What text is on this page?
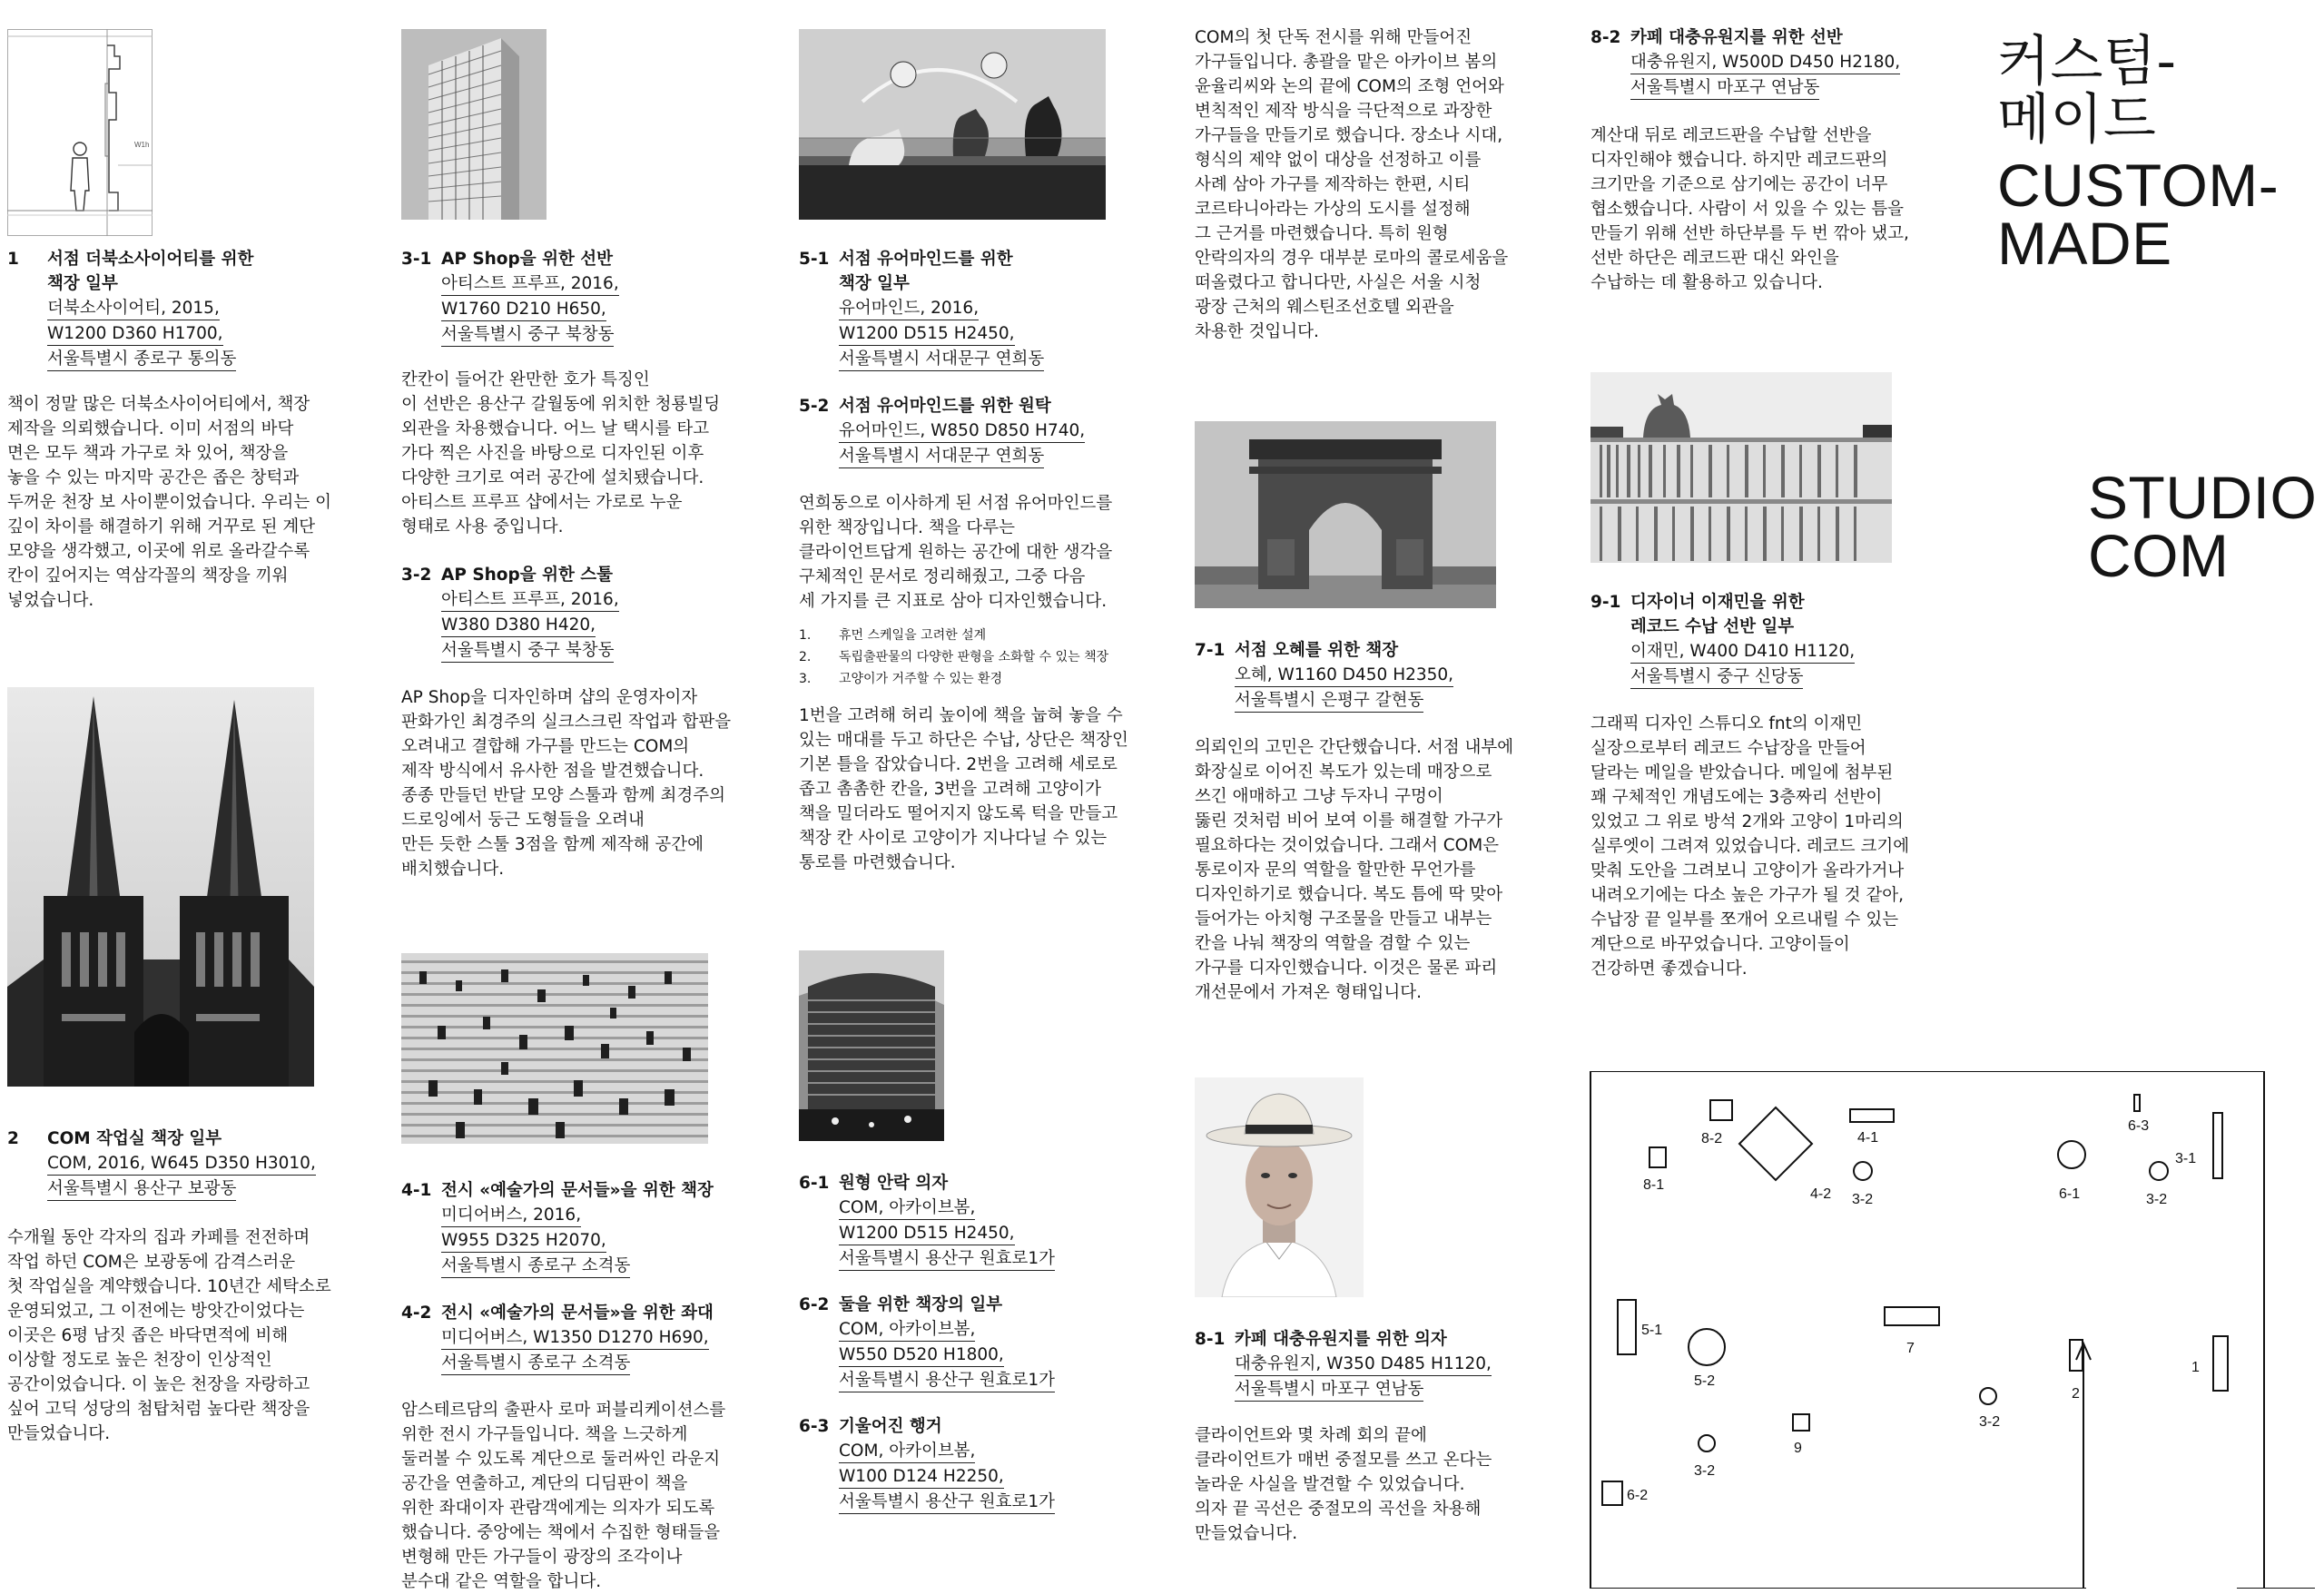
W1h
1	서점 더북소사이어티를 위한
책장 일부
더북소사이어티, 2015,
W1200 D360 H1700,
서울특별시 종로구 통의동
책이 정말 많은 더북소사이어티에서, 책장
제작을 의뢰했습니다. 이미 서점의 바닥
면은 모두 책과 가구로 차 있어, 책장을
놓을 수 있는 마지막 공간은 좁은 창턱과
두꺼운 천장 보 사이뿐이었습니다. 우리는 이
깊이 차이를 해결하기 위해 거꾸로 된 계단
모양을 생각했고, 이곳에 위로 올라갈수록
칸이 깊어지는 역삼각꼴의 책장을 끼워
넣었습니다.
2	COM 작업실 책장 일부
COM, 2016, W645 D350 H3010,
서울특별시 용산구 보광동
수개월 동안 각자의 집과 카페를 전전하며
작업 하던 COM은 보광동에 감격스러운
첫 작업실을 계약했습니다. 10년간 세탁소로
운영되었고, 그 이전에는 방앗간이었다는
이곳은 6평 남짓 좁은 바닥면적에 비해
이상할 정도로 높은 천장이 인상적인
공간이었습니다. 이 높은 천장을 자랑하고
싶어 고딕 성당의 첨탑처럼 높다란 책장을
만들었습니다.
3-1 AP Shop을 위한 선반
아티스트 프루프, 2016,
W1760 D210 H650,
서울특별시 중구 북창동
칸칸이 들어간 완만한 호가 특징인
이 선반은 용산구 갈월동에 위치한 청룡빌딩
외관을 차용했습니다. 어느 날 택시를 타고
가다 찍은 사진을 바탕으로 디자인된 이후
다양한 크기로 여러 공간에 설치됐습니다.
아티스트 프루프 샵에서는 가로로 누운
형태로 사용 중입니다.
3-2 AP Shop을 위한 스툴
아티스트 프루프, 2016,
W380 D380 H420,
서울특별시 중구 북창동
AP Shop을 디자인하며 샵의 운영자이자
판화가인 최경주의 실크스크린 작업과 합판을
오려내고 결합해 가구를 만드는 COM의
제작 방식에서 유사한 점을 발견했습니다.
종종 만들던 반달 모양 스툴과 함께 최경주의
드로잉에서 둥근 도형들을 오려내
만든 듯한 스툴 3점을 함께 제작해 공간에
배치했습니다.
4-1 전시 «예술가의 문서들»을 위한 책장
미디어버스, 2016,
W955 D325 H2070,
서울특별시 종로구 소격동
4-2 전시 «예술가의 문서들»을 위한 좌대
미디어버스, W1350 D1270 H690,
서울특별시 종로구 소격동
암스테르담의 출판사 로마 퍼블리케이션스를
위한 전시 가구들입니다. 책을 느긋하게
둘러볼 수 있도록 계단으로 둘러싸인 라운지
공간을 연출하고, 계단의 디딤판이 책을
위한 좌대이자 관람객에게는 의자가 되도록
했습니다. 중앙에는 책에서 수집한 형태들을
변형해 만든 가구들이 광장의 조각이나
분수대 같은 역할을 합니다.
5-1 서점 유어마인드를 위한
책장 일부
유어마인드, 2016,
W1200 D515 H2450,
서울특별시 서대문구 연희동
5-2 서점 유어마인드를 위한 원탁
유어마인드, W850 D850 H740,
서울특별시 서대문구 연희동
연희동으로 이사하게 된 서점 유어마인드를
위한 책장입니다. 책을 다루는
클라이언트답게 원하는 공간에 대한 생각을
구체적인 문서로 정리해줬고, 그중 다음
세 가지를 큰 지표로 삼아 디자인했습니다.
1. 휴먼 스케일을 고려한 설계
2. 독립출판물의 다양한 판형을 소화할 수 있는 책장
3. 고양이가 거주할 수 있는 환경
1번을 고려해 허리 높이에 책을 눕혀 놓을 수
있는 매대를 두고 하단은 수납, 상단은 책장인
기본 틀을 잡았습니다. 2번을 고려해 세로로
좁고 촘촘한 칸을, 3번을 고려해 고양이가
책을 밀더라도 떨어지지 않도록 턱을 만들고
책장 칸 사이로 고양이가 지나다닐 수 있는
통로를 마련했습니다.
6-1 원형 안락 의자
COM, 아카이브봄,
W1200 D515 H2450,
서울특별시 용산구 원효로1가
6-2 둘을 위한 책장의 일부
COM, 아카이브봄,
W550 D520 H1800,
서울특별시 용산구 원효로1가
6-3 기울어진 행거
COM, 아카이브봄,
W100 D124 H2250,
서울특별시 용산구 원효로1가
COM의 첫 단독 전시를 위해 만들어진
가구들입니다. 총괄을 맡은 아카이브 봄의
윤율리씨와 논의 끝에 COM의 조형 언어와
변칙적인 제작 방식을 극단적으로 과장한
가구들을 만들기로 했습니다. 장소나 시대,
형식의 제약 없이 대상을 선정하고 이를
사례 삼아 가구를 제작하는 한편, 시티
코르타니아라는 가상의 도시를 설정해
그 근거를 마련했습니다. 특히 원형
안락의자의 경우 대부분 로마의 콜로세움을
떠올렸다고 합니다만, 사실은 서울 시청
광장 근처의 웨스틴조선호텔 외관을
차용한 것입니다.
7-1 서점 오혜를 위한 책장
오혜, W1160 D450 H2350,
서울특별시 은평구 갈현동
의뢰인의 고민은 간단했습니다. 서점 내부에
화장실로 이어진 복도가 있는데 매장으로
쓰긴 애매하고 그냥 두자니 구멍이
뚫린 것처럼 비어 보여 이를 해결할 가구가
필요하다는 것이었습니다. 그래서 COM은
통로이자 문의 역할을 할만한 무언가를
디자인하기로 했습니다. 복도 틈에 딱 맞아
들어가는 아치형 구조물을 만들고 내부는
칸을 나눠 책장의 역할을 겸할 수 있는
가구를 디자인했습니다. 이것은 물론 파리
개선문에서 가져온 형태입니다.
8-1 카페 대충유원지를 위한 의자
대충유원지, W350 D485 H1120,
서울특별시 마포구 연남동
클라이언트와 몇 차례 회의 끝에
클라이언트가 매번 중절모를 쓰고 온다는
놀라운 사실을 발견할 수 있었습니다.
의자 끝 곡선은 중절모의 곡선을 차용해
만들었습니다.
8-2 카페 대충유원지를 위한 선반
대충유원지, W500D D450 H2180,
서울특별시 마포구 연남동
계산대 뒤로 레코드판을 수납할 선반을
디자인해야 했습니다. 하지만 레코드판의
크기만을 기준으로 삼기에는 공간이 너무
협소했습니다. 사람이 서 있을 수 있는 틈을
만들기 위해 선반 하단부를 두 번 깎아 냈고,
선반 하단은 레코드판 대신 와인을
수납하는 데 활용하고 있습니다.
9-1 디자이너 이재민을 위한
레코드 수납 선반 일부
이재민, W400 D410 H1120,
서울특별시 중구 신당동
그래픽 디자인 스튜디오 fnt의 이재민
실장으로부터 레코드 수납장을 만들어
달라는 메일을 받았습니다. 메일에 첨부된
꽤 구체적인 개념도에는 3층짜리 선반이
있었고 그 위로 방석 2개와 고양이 1마리의
실루엣이 그려져 있었습니다. 레코드 크기에
맞춰 도안을 그려보니 고양이가 올라가거나
내려오기에는 다소 높은 가구가 될 것 같아,
수납장 끝 일부를 쪼개어 오르내릴 수 있는
계단으로 바꾸었습니다. 고양이들이
건강하면 좋겠습니다.
8-2
8-1
4-1
4-2
6-3
3-1
6-1
3-2	3-2
3-2
5-1
5-2
7
2
1
3-2
9
6-2
커스텀-
메이드
CUSTOM-
MADE
STUDIO
COM
